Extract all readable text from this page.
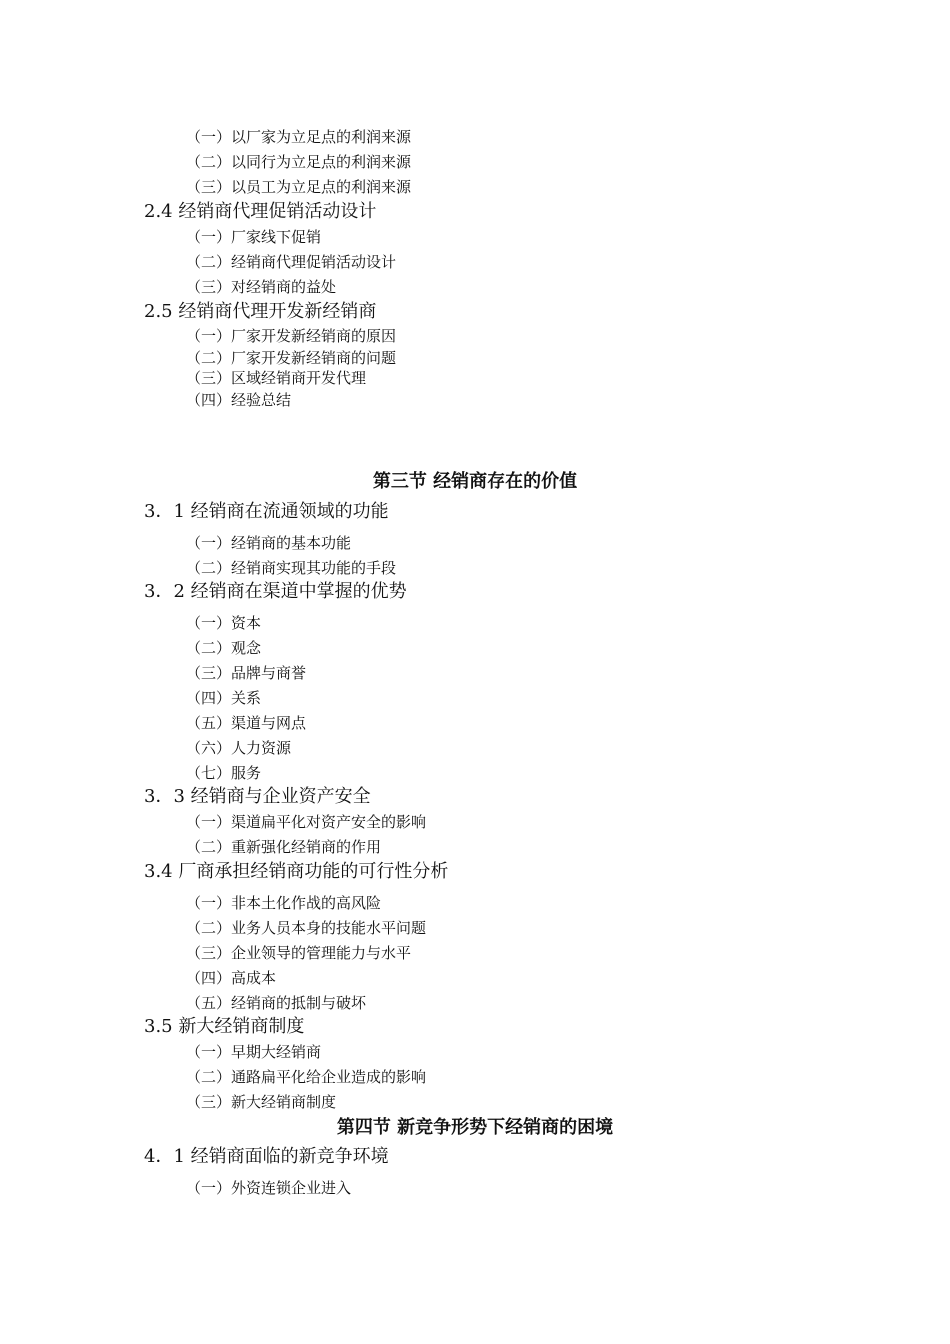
（一）以厂家为立足点的利润来源
（二）以同行为立足点的利润来源
（三）以员工为立足点的利润来源
2.4 经销商代理促销活动设计
（一）厂家线下促销
（二）经销商代理促销活动设计
（三）对经销商的益处
2.5 经销商代理开发新经销商
（一）厂家开发新经销商的原因
（二）厂家开发新经销商的问题
（三）区域经销商开发代理
（四）经验总结
第三节 经销商存在的价值
3．1 经销商在流通领域的功能
（一）经销商的基本功能
（二）经销商实现其功能的手段
3．2 经销商在渠道中掌握的优势
（一）资本
（二）观念
（三）品牌与商誉
（四）关系
（五）渠道与网点
（六）人力资源
（七）服务
3．3 经销商与企业资产安全
（一）渠道扁平化对资产安全的影响
（二）重新强化经销商的作用
3.4 厂商承担经销商功能的可行性分析
（一）非本土化作战的高风险
（二）业务人员本身的技能水平问题
（三）企业领导的管理能力与水平
（四）高成本
（五）经销商的抵制与破坏
3.5 新大经销商制度
（一）早期大经销商
（二）通路扁平化给企业造成的影响
（三）新大经销商制度
第四节 新竞争形势下经销商的困境
4．1 经销商面临的新竞争环境
（一）外资连锁企业进入
